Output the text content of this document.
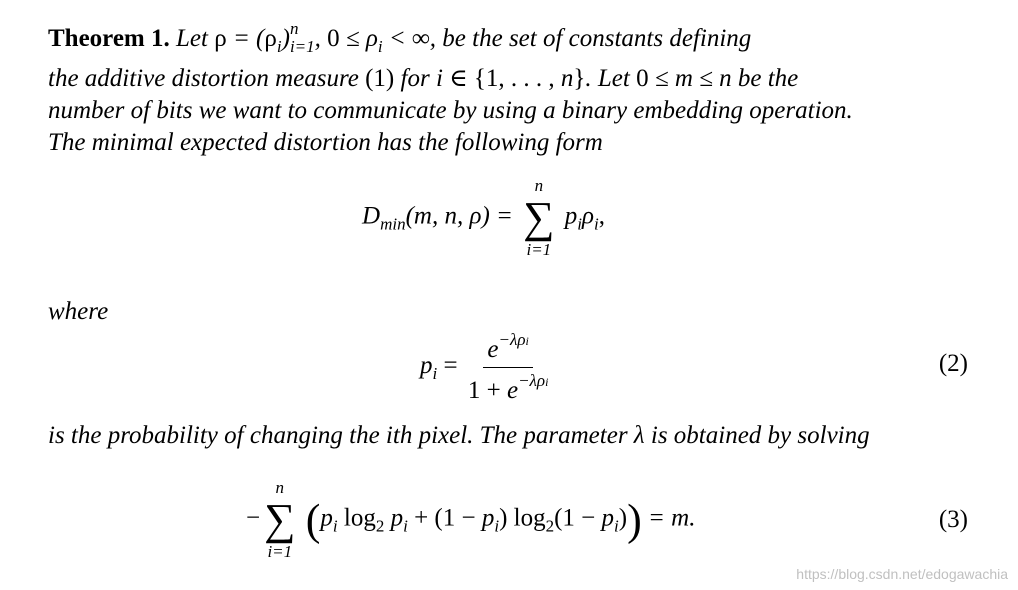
Theorem 1. Let $\rho = (\rho_i)$ n
i=1, $0 \le \rho_i$ < ∞, be the set of constants defining
the additive distortion measure (1) for i ∈ {1, . . . , n}. Let 0 ≤ m ≤ n be the
number of bits we want to communicate by using a binary embedding operation.
The minimal expected distortion has the following form
$D_{min}(m$, n, ρ) =
n
∑
i=1
$p_i\rho_i$,
where
$p_i = \frac{e^{-\lambda\rho i}}{1 + e^{-\lambda\rho i}}$	(2)
is the probability of changing the ith pixel. The parameter λ is obtained by solving
−
n
∑
i=1
($p_i$ $\log_2 p_i + (1 - p_i) \log_2(1 - p_i)) = m$.	(3)
https://blog.csdn.net/edogawachia
